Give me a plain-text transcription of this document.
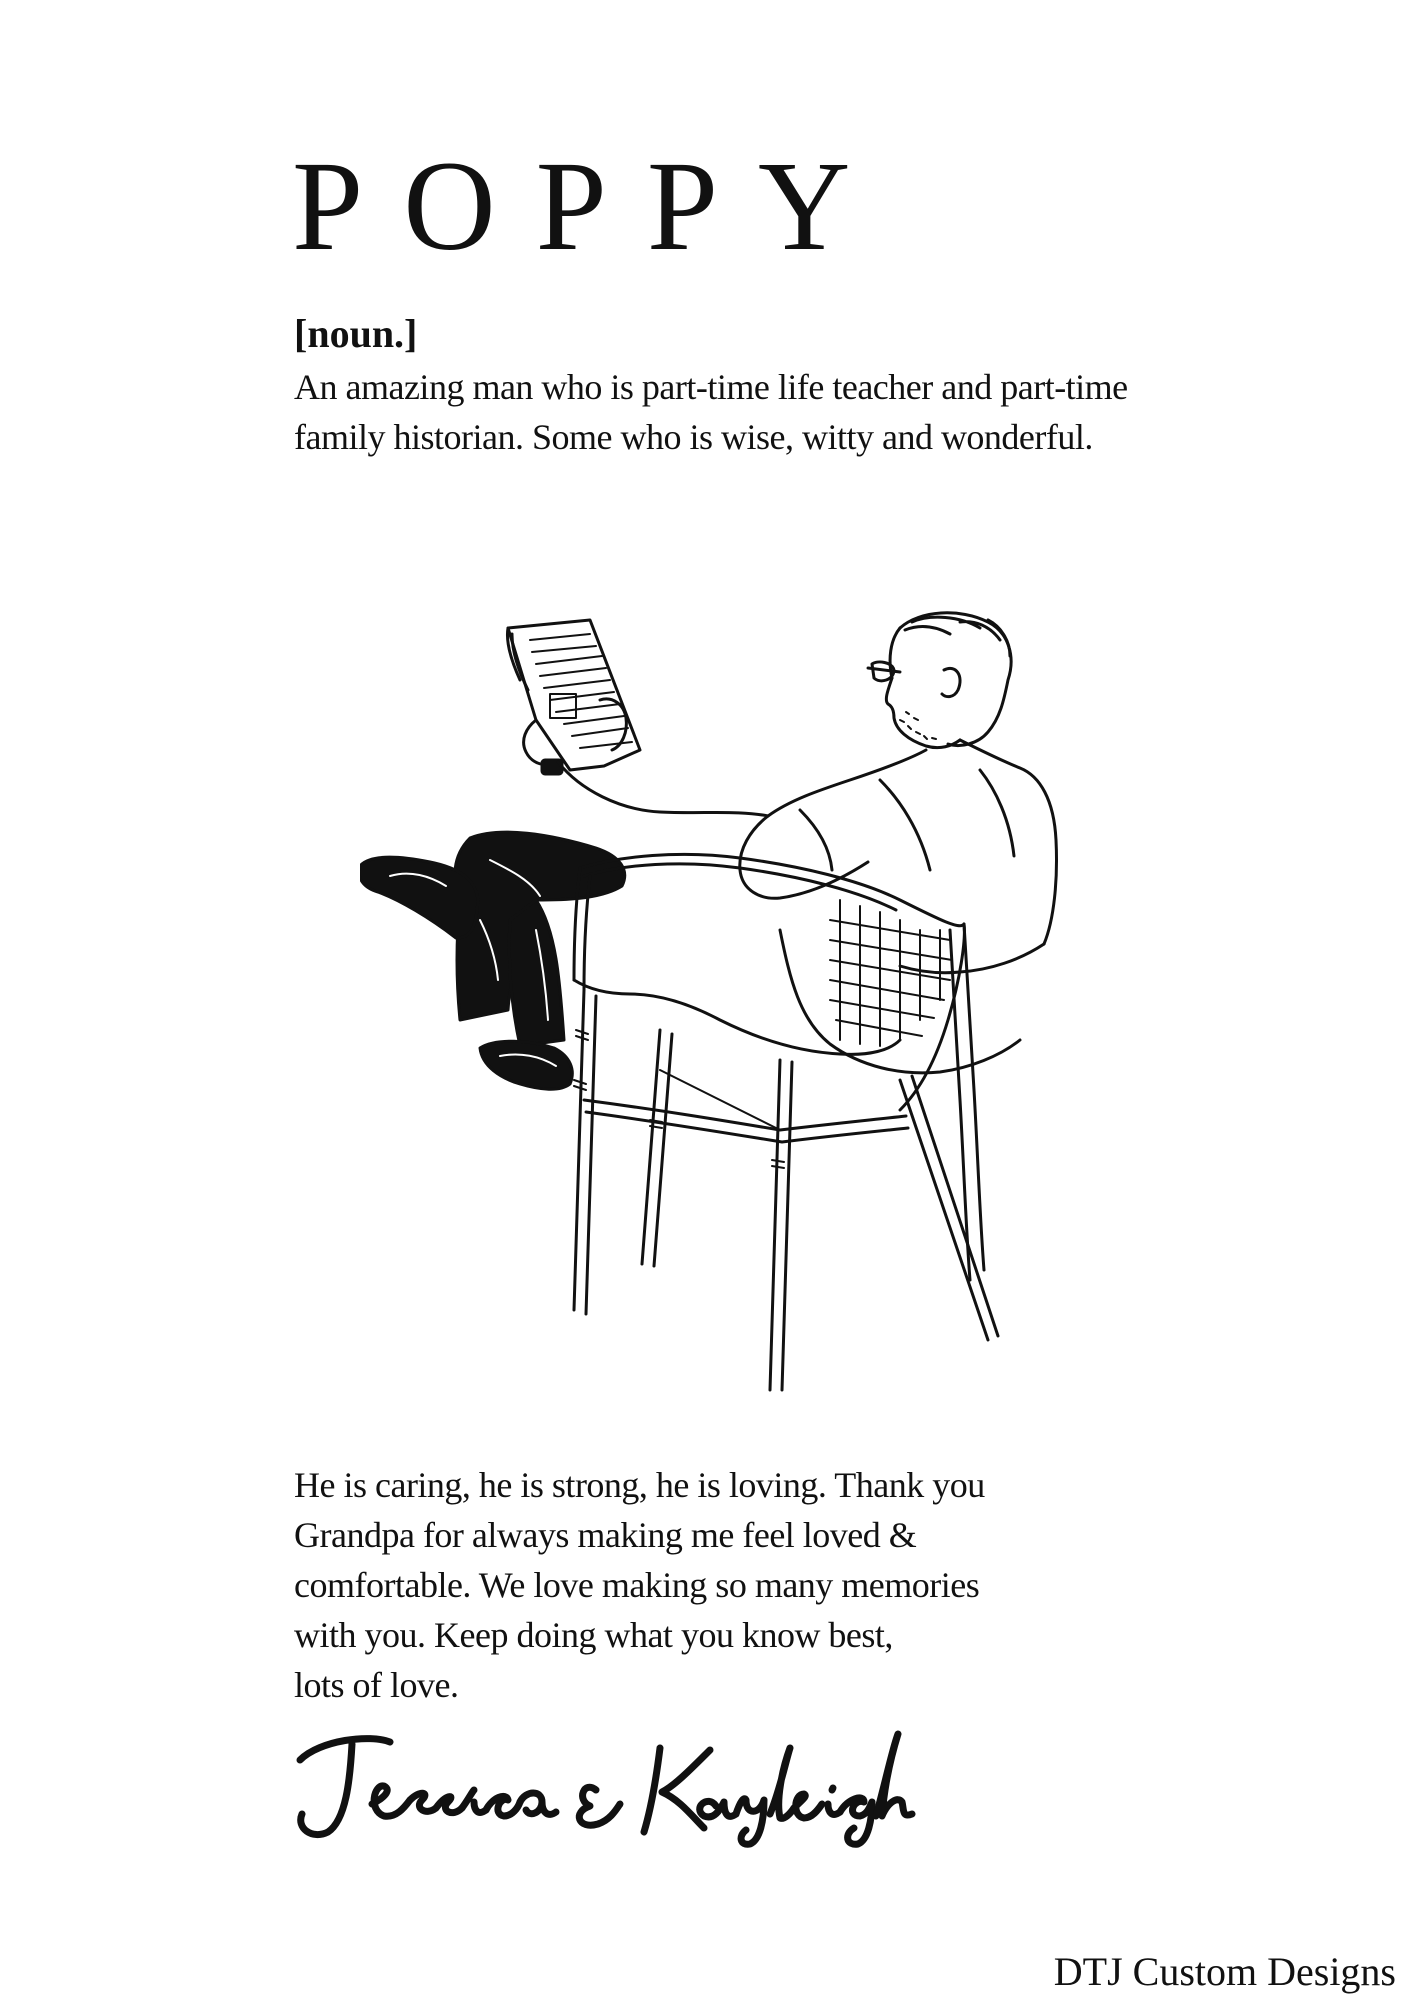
POPPY
[noun.]
An amazing man who is part-time life teacher and part-time family historian. Some who is wise, witty and wonderful.
He is caring, he is strong, he is loving. Thank you
Grandpa for always making me feel loved &
comfortable. We love making so many memories
with you. Keep doing what you know best,
lots of love.
DTJ Custom Designs
